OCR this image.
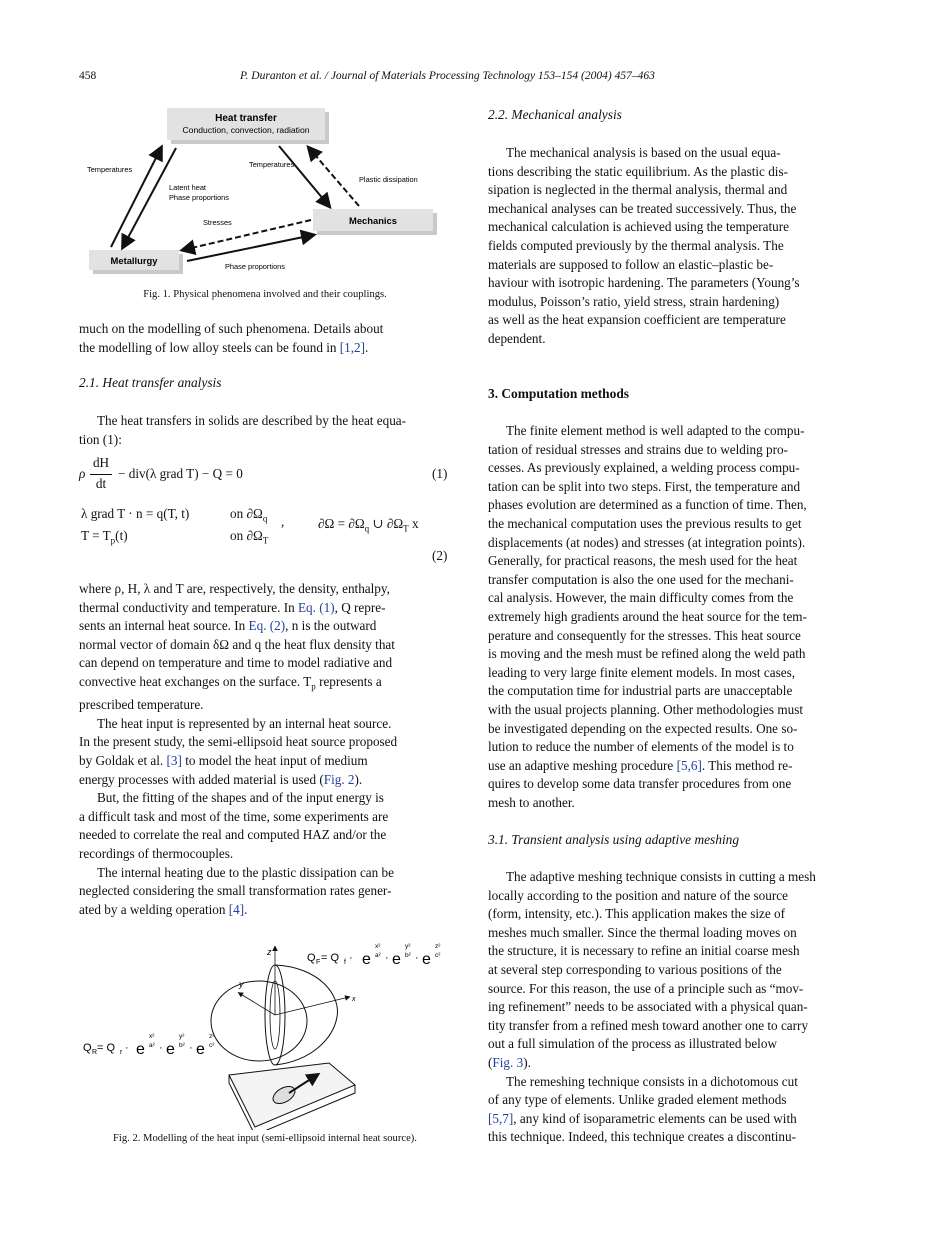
458	P. Duranton et al. / Journal of Materials Processing Technology 153–154 (2004) 457–463
Heat transfer
Conduction, convection, radiation
Mechanics
Metallurgy
Temperatures
Temperatures
Latent heat
Phase proportions
Plastic dissipation
Stresses
Phase proportions
Fig. 1. Physical phenomena involved and their couplings.

much on the modelling of such phenomena. Details about
the modelling of low alloy steels can be found in [1,2].

2.1. Heat transfer analysis

The heat transfers in solids are described by the heat equa-

tion (1):

ρ
dH
dt
− div(λ grad T) − Q = 0	(1)
λ grad T · n = q(T, t)	on $\partial\Omega_q$
$T = T_p(t)$	on $\partial\Omega_T$
,	$\partial\Omega = \partial\Omega_q$ ∪ $\partial\Omega_T$ x
(2)

where ρ, H, λ and T are, respectively, the density, enthalpy,
thermal conductivity and temperature. In Eq. (1), Q repre-
sents an internal heat source. In Eq. (2), n is the outward
normal vector of domain δΩ and q the heat flux density that
can depend on temperature and time to model radiative and
convective heat exchanges on the surface. $T_p$ represents a
prescribed temperature.

The heat input is represented by an internal heat source.
In the present study, the semi-ellipsoid heat source proposed
by Goldak et al. [3] to model the heat input of medium
energy processes with added material is used (Fig. 2).

But, the fitting of the shapes and of the input energy is
a difficult task and most of the time, some experiments are
needed to correlate the real and computed HAZ and/or the
recordings of thermocouples.

The internal heating due to the plastic dissipation can be
neglected considering the small transformation rates gener-
ated by a welding operation [4].

z
y
x
Q F = Q f · e
x²
a² · e
y²
b² · e
z²
c²
Q R = Q r · e
x²
a² · e
y²
b² · e
z²
c²
Fig. 2. Modelling of the heat input (semi-ellipsoid internal heat source).
2.2. Mechanical analysis

The mechanical analysis is based on the usual equa-
tions describing the static equilibrium. As the plastic dis-
sipation is neglected in the thermal analysis, thermal and
mechanical analyses can be treated successively. Thus, the
mechanical calculation is achieved using the temperature
fields computed previously by the thermal analysis. The
materials are supposed to follow an elastic–plastic be-
haviour with isotropic hardening. The parameters (Young’s
modulus, Poisson’s ratio, yield stress, strain hardening)
as well as the heat expansion coefficient are temperature
dependent.

3. Computation methods

The finite element method is well adapted to the compu-
tation of residual stresses and strains due to welding pro-
cesses. As previously explained, a welding process compu-
tation can be split into two steps. First, the temperature and
phases evolution are determined as a function of time. Then,
the mechanical computation uses the previous results to get
displacements (at nodes) and stresses (at integration points).
Generally, for practical reasons, the mesh used for the heat
transfer computation is also the one used for the mechani-
cal analysis. However, the main difficulty comes from the
extremely high gradients around the heat source for the tem-
perature and consequently for the stresses. This heat source
is moving and the mesh must be refined along the weld path
leading to very large finite element models. In most cases,
the computation time for industrial parts are unacceptable
with the usual projects planning. Other methodologies must
be investigated depending on the expected results. One so-
lution to reduce the number of elements of the model is to
use an adaptive meshing procedure [5,6]. This method re-
quires to develop some data transfer procedures from one
mesh to another.

3.1. Transient analysis using adaptive meshing

The adaptive meshing technique consists in cutting a mesh
locally according to the position and nature of the source
(form, intensity, etc.). This application makes the size of
meshes much smaller. Since the thermal loading moves on
the structure, it is necessary to refine an initial coarse mesh
at several step corresponding to various positions of the
source. For this reason, the use of a principle such as “mov-
ing refinement” needs to be associated with a physical quan-
tity transfer from a refined mesh toward another one to carry
out a full simulation of the process as illustrated below
(Fig. 3).

The remeshing technique consists in a dichotomous cut
of any type of elements. Unlike graded element methods
[5,7], any kind of isoparametric elements can be used with
this technique. Indeed, this technique creates a discontinu-
